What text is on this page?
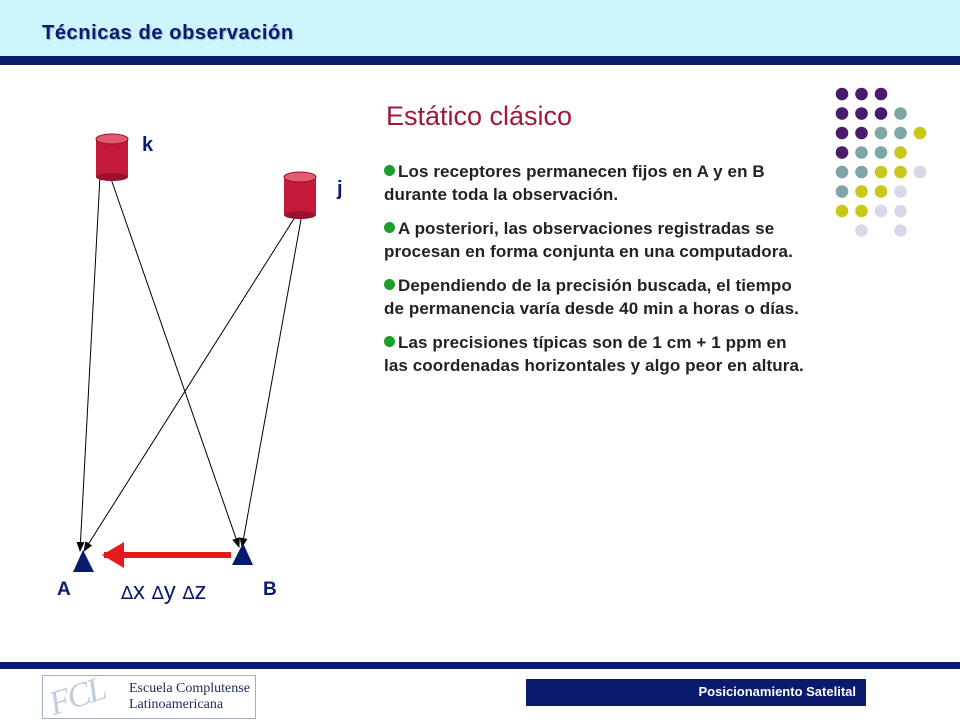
Técnicas de observación
Estático clásico
k
j
A	B
∆x ∆y ∆z
Los receptores permanecen fijos en A y en B durante toda la observación.
A posteriori, las observaciones registradas se procesan en forma conjunta en una computadora.
Dependiendo de la precisión buscada, el tiempo de permanencia varía desde 40 min a horas o días.
Las precisiones típicas son de 1 cm + 1 ppm en las coordenadas horizontales y algo peor en altura.
FCL Escuela Complutense
Latinoamericana
Posicionamiento Satelital
